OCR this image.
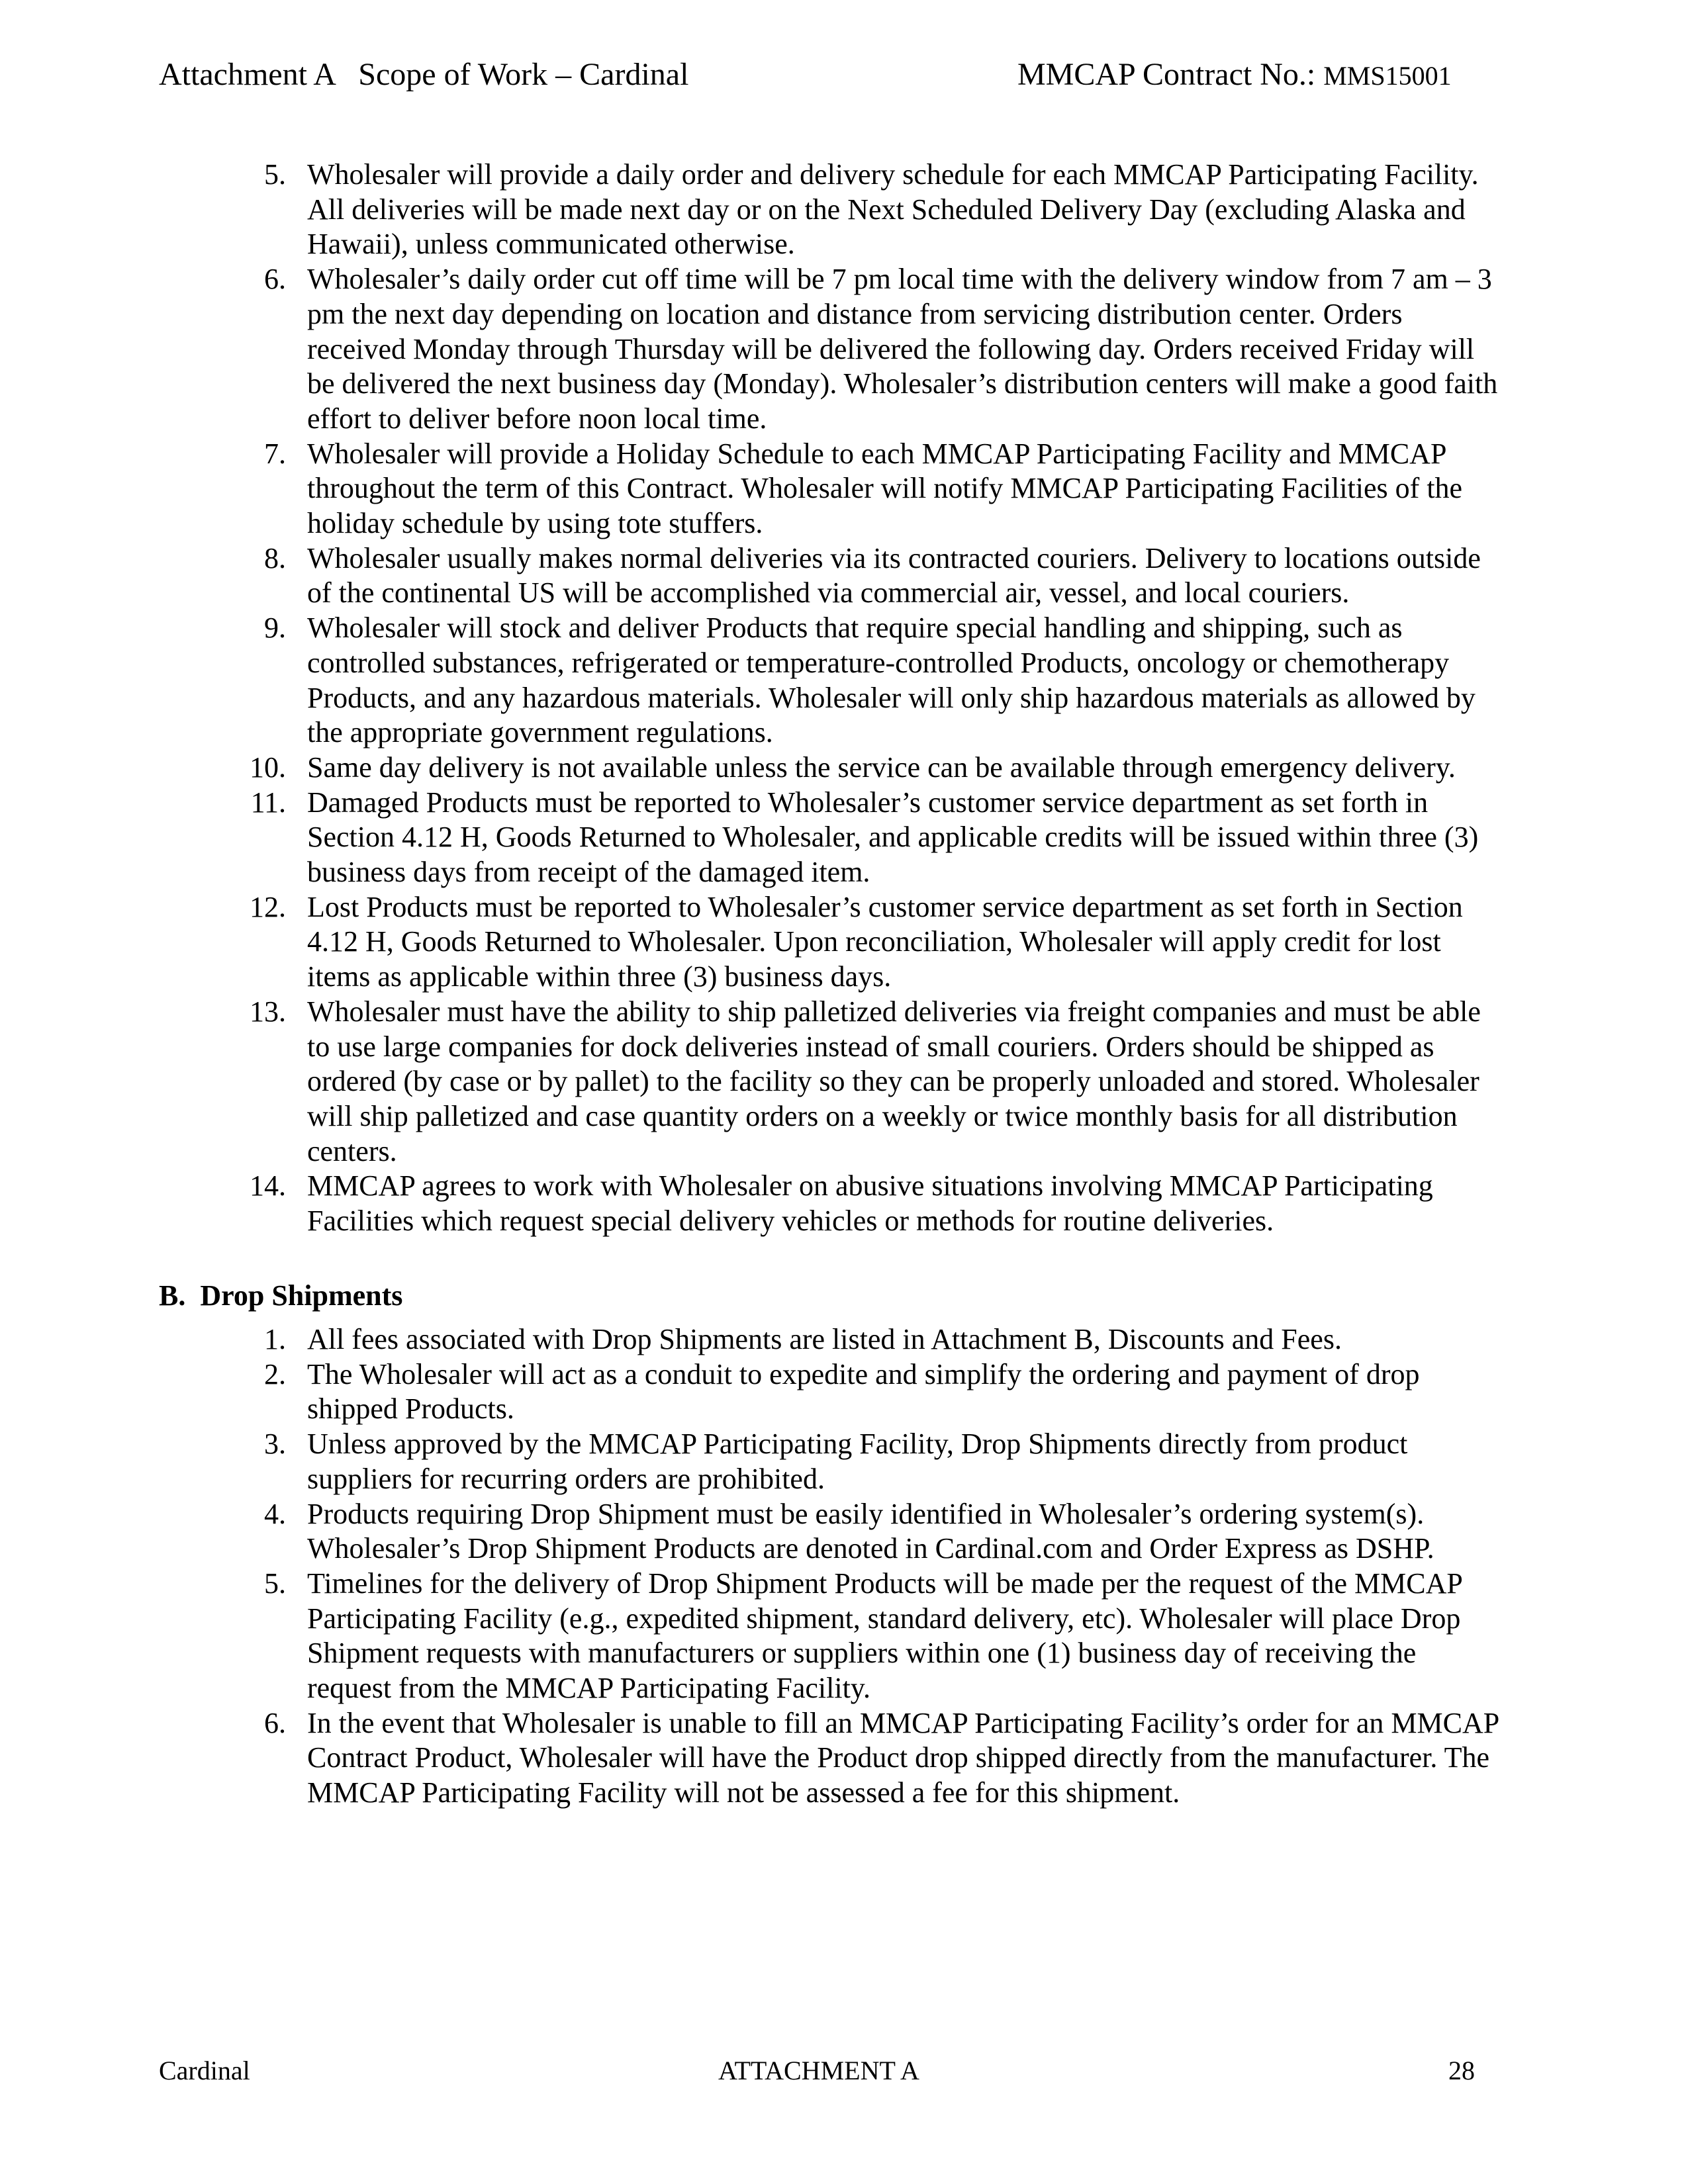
Attachment A   Scope of Work – Cardinal	MMCAP Contract No.: MMS15001
5. Wholesaler will provide a daily order and delivery schedule for each MMCAP Participating Facility. All deliveries will be made next day or on the Next Scheduled Delivery Day (excluding Alaska and Hawaii), unless communicated otherwise.
6. Wholesaler’s daily order cut off time will be 7 pm local time with the delivery window from 7 am – 3 pm the next day depending on location and distance from servicing distribution center. Orders received Monday through Thursday will be delivered the following day. Orders received Friday will be delivered the next business day (Monday). Wholesaler’s distribution centers will make a good faith effort to deliver before noon local time.
7. Wholesaler will provide a Holiday Schedule to each MMCAP Participating Facility and MMCAP throughout the term of this Contract. Wholesaler will notify MMCAP Participating Facilities of the holiday schedule by using tote stuffers.
8. Wholesaler usually makes normal deliveries via its contracted couriers. Delivery to locations outside of the continental US will be accomplished via commercial air, vessel, and local couriers.
9. Wholesaler will stock and deliver Products that require special handling and shipping, such as controlled substances, refrigerated or temperature-controlled Products, oncology or chemotherapy Products, and any hazardous materials. Wholesaler will only ship hazardous materials as allowed by the appropriate government regulations.
10. Same day delivery is not available unless the service can be available through emergency delivery.
11. Damaged Products must be reported to Wholesaler’s customer service department as set forth in Section 4.12 H, Goods Returned to Wholesaler, and applicable credits will be issued within three (3) business days from receipt of the damaged item.
12. Lost Products must be reported to Wholesaler’s customer service department as set forth in Section 4.12 H, Goods Returned to Wholesaler. Upon reconciliation, Wholesaler will apply credit for lost items as applicable within three (3) business days.
13. Wholesaler must have the ability to ship palletized deliveries via freight companies and must be able to use large companies for dock deliveries instead of small couriers. Orders should be shipped as ordered (by case or by pallet) to the facility so they can be properly unloaded and stored. Wholesaler will ship palletized and case quantity orders on a weekly or twice monthly basis for all distribution centers.
14. MMCAP agrees to work with Wholesaler on abusive situations involving MMCAP Participating Facilities which request special delivery vehicles or methods for routine deliveries.
B. Drop Shipments
1. All fees associated with Drop Shipments are listed in Attachment B, Discounts and Fees.
2. The Wholesaler will act as a conduit to expedite and simplify the ordering and payment of drop shipped Products.
3. Unless approved by the MMCAP Participating Facility, Drop Shipments directly from product suppliers for recurring orders are prohibited.
4. Products requiring Drop Shipment must be easily identified in Wholesaler’s ordering system(s). Wholesaler’s Drop Shipment Products are denoted in Cardinal.com and Order Express as DSHP.
5. Timelines for the delivery of Drop Shipment Products will be made per the request of the MMCAP Participating Facility (e.g., expedited shipment, standard delivery, etc). Wholesaler will place Drop Shipment requests with manufacturers or suppliers within one (1) business day of receiving the request from the MMCAP Participating Facility.
6. In the event that Wholesaler is unable to fill an MMCAP Participating Facility’s order for an MMCAP Contract Product, Wholesaler will have the Product drop shipped directly from the manufacturer. The MMCAP Participating Facility will not be assessed a fee for this shipment.
Cardinal	ATTACHMENT A	28
